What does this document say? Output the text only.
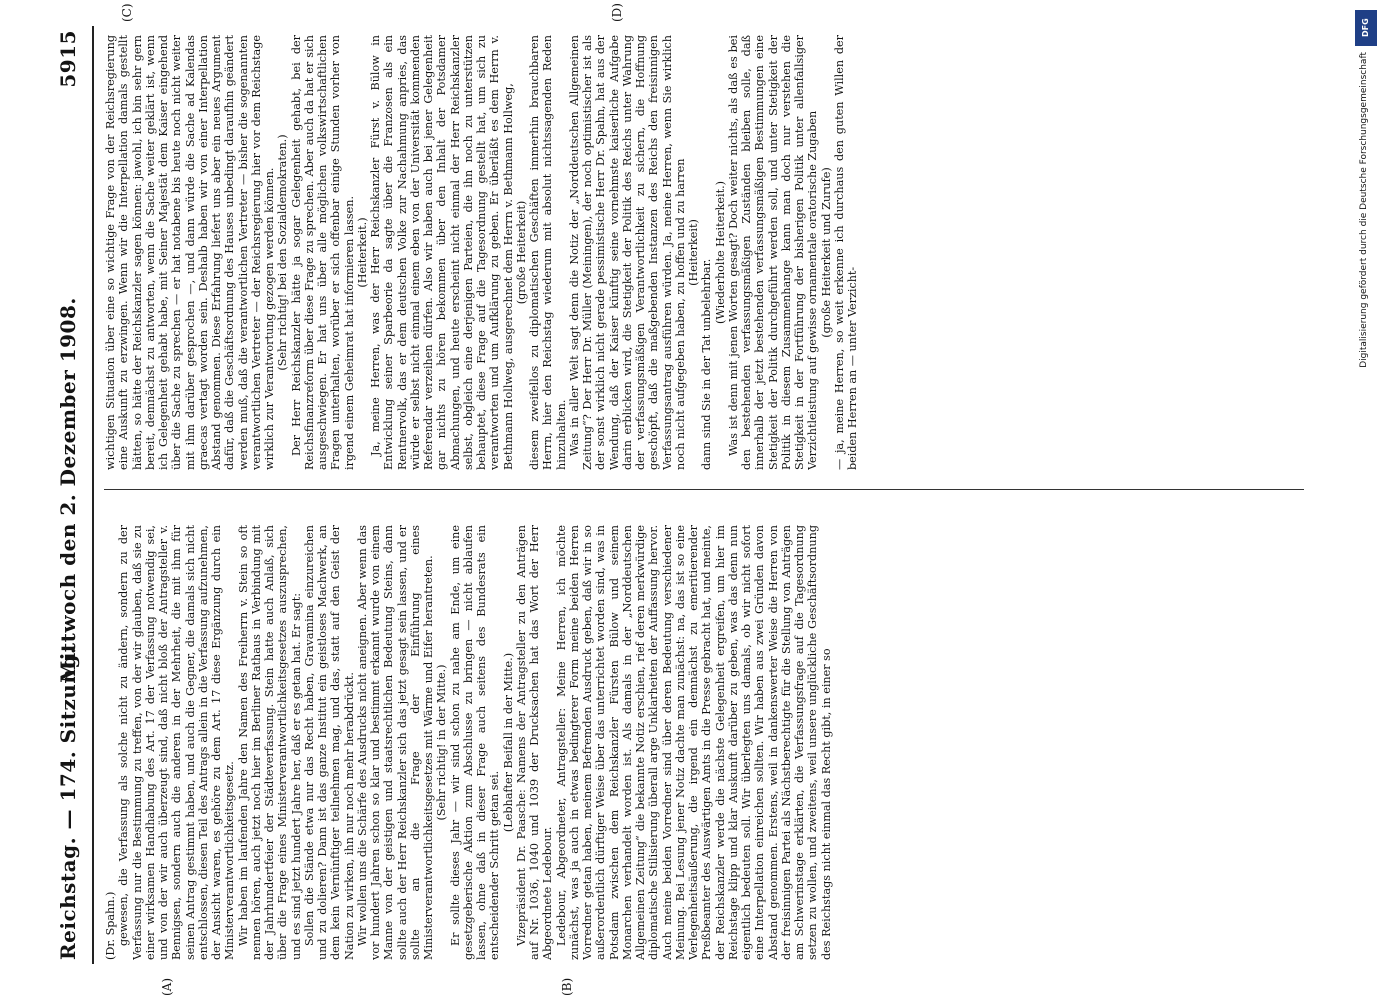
Reichstag. — 174. Sitzung.
Mittwoch den 2. Dezember 1908.
5915
(A)	(B)
(C)	(D)

(Dr. Spahn.) gewesen, die Verfassung als solche nicht zu ändern, sondern zu der Verfassung nur die Bestimmung zu treffen, von der wir glauben, daß sie zu einer wirksamen Handhabung des Art. 17 der Verfassung notwendig sei, und von der wir auch überzeugt sind, daß nicht bloß der Antragsteller v. Bennigsen, sondern auch die anderen in der Mehrheit, die mit ihm für seinen Antrag gestimmt haben, und auch die Gegner, die damals sich nicht entschlossen, diesen Teil des Antrags allein in die Verfassung aufzunehmen, der Ansicht waren, es gehöre zu dem Art. 17 diese Ergänzung durch ein Ministerverantwortlichkeitsgesetz. Wir haben im laufenden Jahre den Namen des Freiherrn v. Stein so oft nennen hören, auch jetzt noch hier im Berliner Rathaus in Verbindung mit der Jahrhundertfeier der Städteverfassung. Stein hatte auch Anlaß, sich über die Frage eines Ministerverantwortlichkeitsgesetzes auszusprechen, und es sind jetzt hundert Jahre her, daß er es getan hat. Er sagt: Sollen die Stände etwa nur das Recht haben, Gravamina einzureichen und zu dolieren? Dann ist das ganze Institut ein geistloses Machwerk, an dem kein Vernünftiger teilnehmen mag, und das, statt auf den Geist der Nation zu wirken, ihn nur noch mehr herabdrückt. Wir wollen uns die Schärfe des Ausdrucks nicht aneignen. Aber wenn das vor hundert Jahren schon so klar und bestimmt erkannt wurde von einem Manne von der geistigen und staatsrechtlichen Bedeutung Steins, dann sollte auch der Herr Reichskanzler sich das jetzt gesagt sein lassen, und er sollte an die Frage der Einführung eines Ministerverantwortlichkeitsgesetzes mit Wärme und Eifer herantreten. (Sehr richtig! in der Mitte.) Er sollte dieses Jahr — wir sind schon zu nahe am Ende, um eine gesetzgeberische Aktion zum Abschlusse zu bringen — nicht ablaufen lassen, ohne daß in dieser Frage auch seitens des Bundesrats ein entscheidender Schritt getan sei.

(Lebhafter Beifall in der Mitte.) Vizepräsident Dr. Paasche: Namens der Antragsteller zu den Anträgen auf Nr. 1036, 1040 und 1039 der Drucksachen hat das Wort der Herr Abgeordnete Ledebour. Ledebour, Abgeordneter, Antragsteller: Meine Herren, ich möchte zunächst, was ja auch in etwas bedingterer Form meine beiden Herren Vorredner getan haben, meinem Befremden Ausdruck geben, daß wir in so außerordentlich dürftiger Weise über das unterrichtet worden sind, was in Potsdam zwischen dem Reichskanzler Fürsten Bülow und seinem Monarchen verhandelt worden ist. Als damals in der „Norddeutschen Allgemeinen Zeitung“ die bekannte Notiz erschien, rief deren merkwürdige diplomatische Stilisierung überall arge Unklarheiten der Auffassung hervor. Auch meine beiden Vorredner sind über deren Bedeutung verschiedener Meinung. Bei Lesung jener Notiz dachte man zunächst: na, das ist so eine Verlegenheitsäußerung, die irgend ein demnächst zu emeritierender Preßbeamter des Auswärtigen Amts in die Presse gebracht hat, und meinte, der Reichskanzler werde die nächste Gelegenheit ergreifen, um hier im Reichstage klipp und klar Auskunft darüber zu geben, was das denn nun eigentlich bedeuten soll. Wir überlegten uns damals, ob wir nicht sofort eine Interpellation einreichen sollten. Wir haben aus zwei Gründen davon Abstand genommen. Erstens, weil in dankenswerter Weise die Herren von der freisinnigen Partei als Nächstberechtigte für die Stellung von Anträgen am Schwerinstage erklärten, die Verfassungsfrage auf die Tagesordnung setzen zu wollen, und zweitens, weil unsere unglückliche Geschäftsordnung des Reichstags nicht einmal das Recht gibt, in einer so

wichtigen Situation über eine so wichtige Frage von der Reichsregierung eine Auskunft zu erzwingen. Wenn wir die Interpellation damals gestellt hätten, so hätte der Reichskanzler sagen können: jawohl, ich bin sehr gern bereit, demnächst zu antworten, wenn die Sache weiter geklärt ist, wenn ich Gelegenheit gehabt habe, mit Seiner Majestät dem Kaiser eingehend über die Sache zu sprechen — er hat notabene bis heute noch nicht weiter mit ihm darüber gesprochen —, und dann würde die Sache ad Kalendas graecas vertagt worden sein. Deshalb haben wir von einer Interpellation Abstand genommen. Diese Erfahrung liefert uns aber ein neues Argument dafür, daß die Geschäftsordnung des Hauses unbedingt daraufhin geändert werden muß, daß die verantwortlichen Vertreter — bisher die sogenannten verantwortlichen Vertreter — der Reichsregierung hier vor dem Reichstage wirklich zur Verantwortung gezogen werden können. (Sehr richtig! bei den Sozialdemokraten.) Der Herr Reichskanzler hätte ja sogar Gelegenheit gehabt, bei der Reichsfinanzreform über diese Frage zu sprechen. Aber auch da hat er sich ausgeschwiegen. Er hat uns über alle möglichen volkswirtschaftlichen Fragen unterhalten, worüber er sich offenbar einige Stunden vorher von irgend einem Geheimrat hat informieren lassen. (Heiterkeit.) Ja, meine Herren, was der Herr Reichskanzler Fürst v. Bülow in Entwicklung seiner Sparbeorie da sagte über die Franzosen als ein Rentnervolk, das er dem deutschen Volke zur Nachahmung anpries, das würde er selbst nicht einmal einem eben von der Universität kommenden Referendar verzeihen dürfen. Also wir haben auch bei jener Gelegenheit gar nichts zu hören bekommen über den Inhalt der Potsdamer Abmachungen, und heute erscheint nicht einmal der Herr Reichskanzler selbst, obgleich eine derjenigen Parteien, die ihn noch zu unterstützen behauptet, diese Frage auf die Tagesordnung gestellt hat, um sich zu verantworten und um Aufklärung zu geben. Er überläßt es dem Herrn v. Bethmann Hollweg, ausgerechnet dem Herrn v. Bethmann Hollweg, (große Heiterkeit) diesem zweifellos zu diplomatischen Geschäften immerhin brauchbaren Herrn, hier den Reichstag wiederum mit absolut nichtssagenden Reden hinzuhalten. Was in aller Welt sagt denn die Notiz der „Norddeutschen Allgemeinen Zeitung“? Der Herr Dr. Müller (Meiningen), der noch optimistischer ist als der sonst wirklich nicht gerade pessimistische Herr Dr. Spahn, hat aus der Wendung, daß der Kaiser künftig seine vornehmste kaiserliche Aufgabe darin erblicken wird, die Stetigkeit der Politik des Reichs unter Wahrung der verfassungsmäßigen Verantwortlichkeit zu sichern, die Hoffnung geschöpft, daß die maßgebenden Instanzen des Reichs den freisinnigen Verfassungsantrag ausführen würden. Ja, meine Herren, wenn Sie wirklich noch nicht aufgegeben haben, zu hoffen und zu harren (Heiterkeit)

dann sind Sie in der Tat unbelehrbar.

(Wiederholte Heiterkeit.) Was ist denn mit jenen Worten gesagt? Doch weiter nichts, als daß es bei den bestehenden verfassungsmäßigen Zuständen bleiben solle, daß innerhalb der jetzt bestehenden verfassungsmäßigen Bestimmungen eine Stetigkeit der Politik durchgeführt werden soll, und unter Stetigkeit der Politik in diesem Zusammenhange kann man doch nur verstehen die Stetigkeit in der Fortführung der bisherigen Politik unter allenfallsiger Verzichtleistung auf gewisse ornamentale oratorische Zugaben (große Heiterkeit und Zurufe) — ja, meine Herren, so weit erkenne ich durchaus den guten Willen der beiden Herren an — unter Verzicht-

DFG
Digitalisierung gefördert durch die Deutsche Forschungsgemeinschaft
